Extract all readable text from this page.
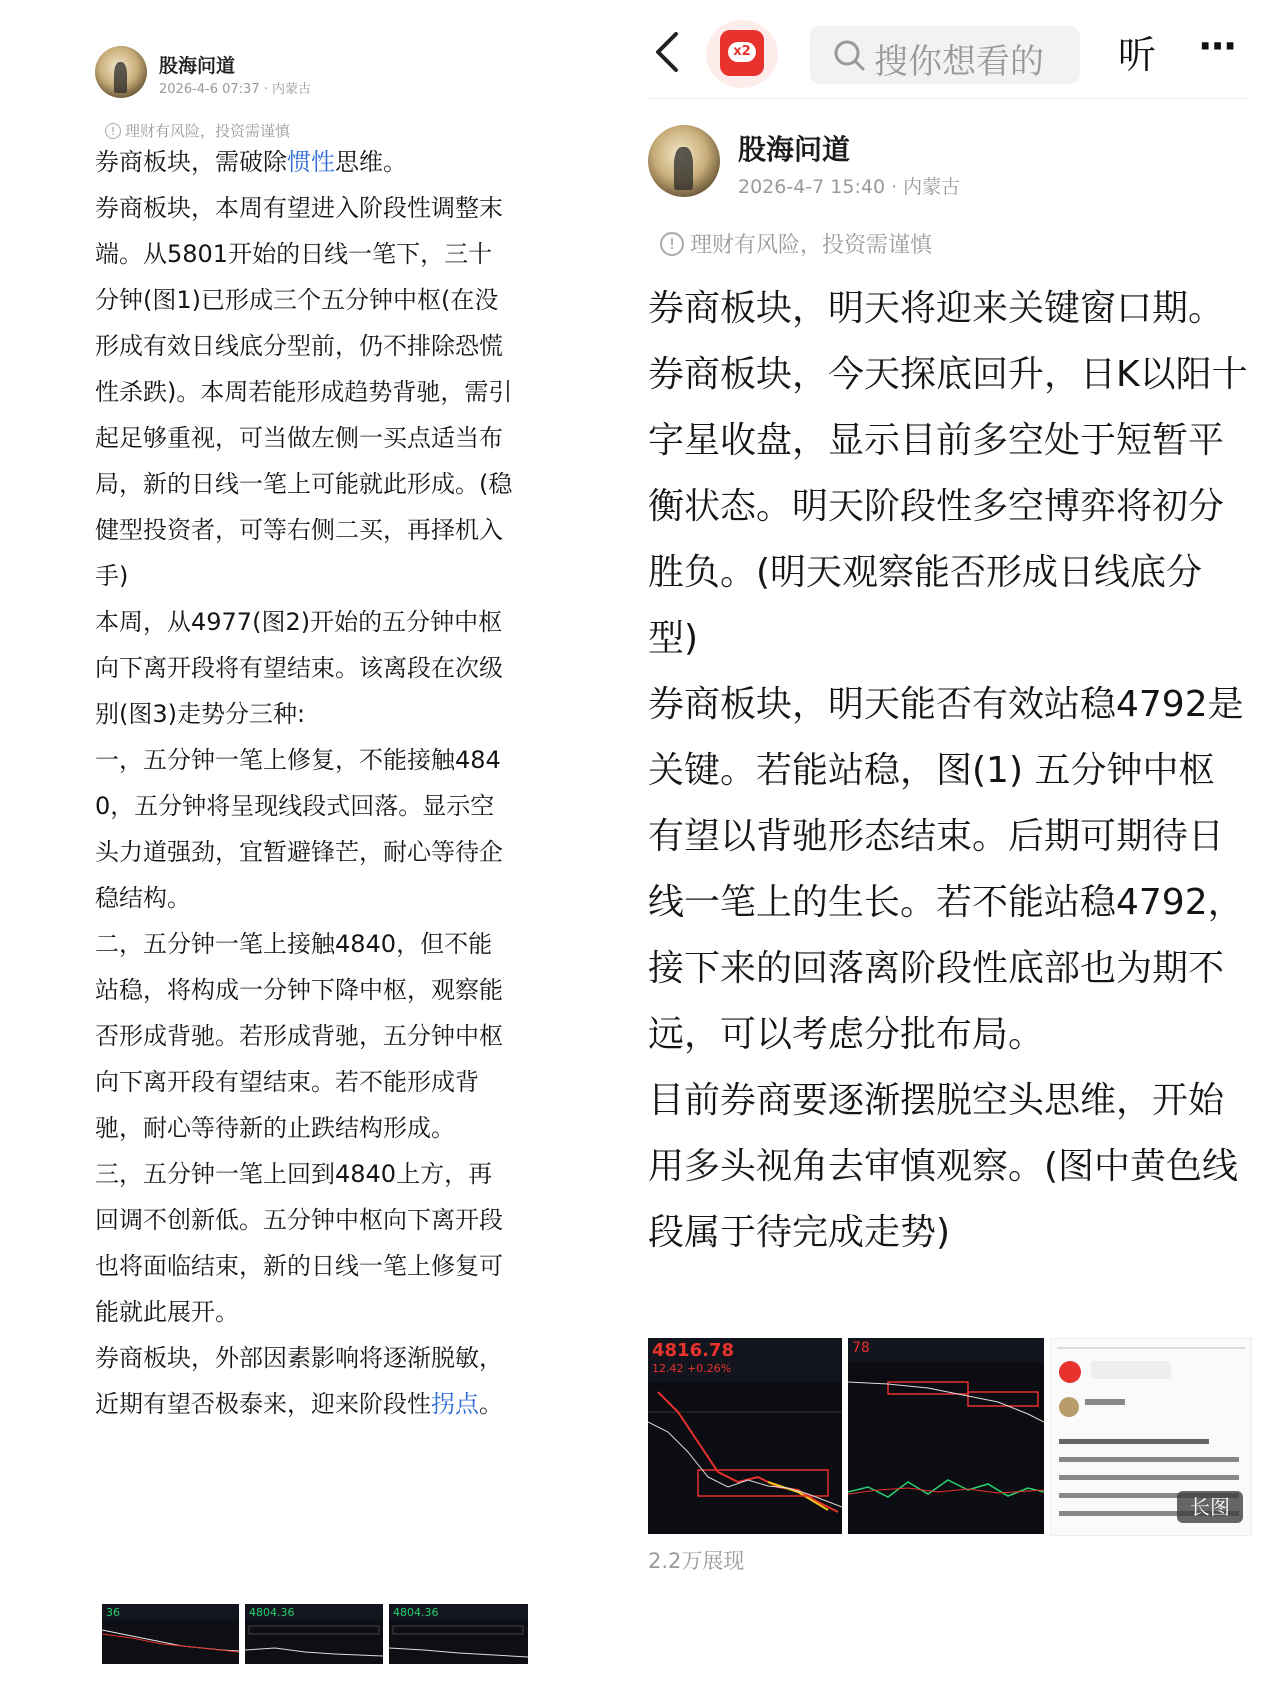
股海问道
2026-4-6 07:37 · 内蒙古
! 理财有风险，投资需谨慎

券商板块，需破除惯性思维。

券商板块，本周有望进入阶段性调整末端。从5801开始的日线一笔下，三十分钟(图1)已形成三个五分钟中枢(在没形成有效日线底分型前，仍不排除恐慌性杀跌)。本周若能形成趋势背驰，需引起足够重视，可当做左侧一买点适当布局，新的日线一笔上可能就此形成。(稳健型投资者，可等右侧二买，再择机入手)

本周，从4977(图2)开始的五分钟中枢向下离开段将有望结束。该离段在次级别(图3)走势分三种:

一，五分钟一笔上修复，不能接触4840，五分钟将呈现线段式回落。显示空头力道强劲，宜暂避锋芒，耐心等待企稳结构。

二，五分钟一笔上接触4840，但不能站稳，将构成一分钟下降中枢，观察能否形成背驰。若形成背驰，五分钟中枢向下离开段有望结束。若不能形成背驰，耐心等待新的止跌结构形成。

三，五分钟一笔上回到4840上方，再回调不创新低。五分钟中枢向下离开段也将面临结束，新的日线一笔上修复可能就此展开。

券商板块，外部因素影响将逐渐脱敏，近期有望否极泰来，迎来阶段性拐点。

36	4804.36	4804.36
x2	搜你想看的 听 ···
股海问道
2026-4-7 15:40 · 内蒙古
! 理财有风险，投资需谨慎

券商板块，明天将迎来关键窗口期。

券商板块，今天探底回升，日K以阳十字星收盘，显示目前多空处于短暂平衡状态。明天阶段性多空博弈将初分胜负。(明天观察能否形成日线底分型)

券商板块，明天能否有效站稳4792是关键。若能站稳，图(1) 五分钟中枢有望以背驰形态结束。后期可期待日线一笔上的生长。若不能站稳4792，接下来的回落离阶段性底部也为期不远，可以考虑分批布局。

目前券商要逐渐摆脱空头思维，开始用多头视角去审慎观察。(图中黄色线段属于待完成走势)

4816.78
12.42 +0.26%
78
长图
2.2万展现
